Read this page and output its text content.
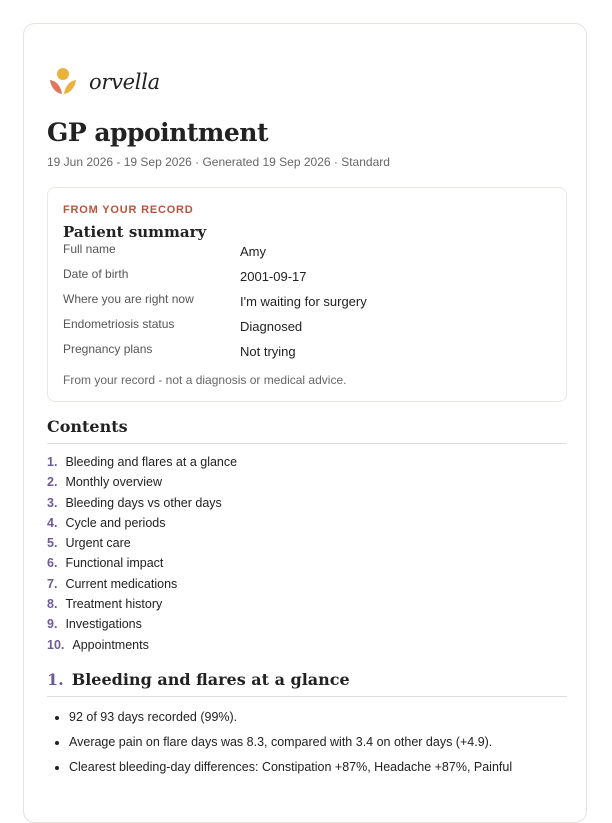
orvella
GP appointment
19 Jun 2026 - 19 Sep 2026 · Generated 19 Sep 2026 · Standard
FROM YOUR RECORD
Patient summary
Full name	Amy
Date of birth	2001-09-17
Where you are right now	I'm waiting for surgery
Endometriosis status	Diagnosed
Pregnancy plans	Not trying
From your record - not a diagnosis or medical advice.
Contents
1. Bleeding and flares at a glance
2. Monthly overview
3. Bleeding days vs other days
4. Cycle and periods
5. Urgent care
6. Functional impact
7. Current medications
8. Treatment history
9. Investigations
10. Appointments
1. Bleeding and flares at a glance
• 92 of 93 days recorded (99%).
• Average pain on flare days was 8.3, compared with 3.4 on other days (+4.9).
• Clearest bleeding-day differences: Constipation +87%, Headache +87%, Painful
